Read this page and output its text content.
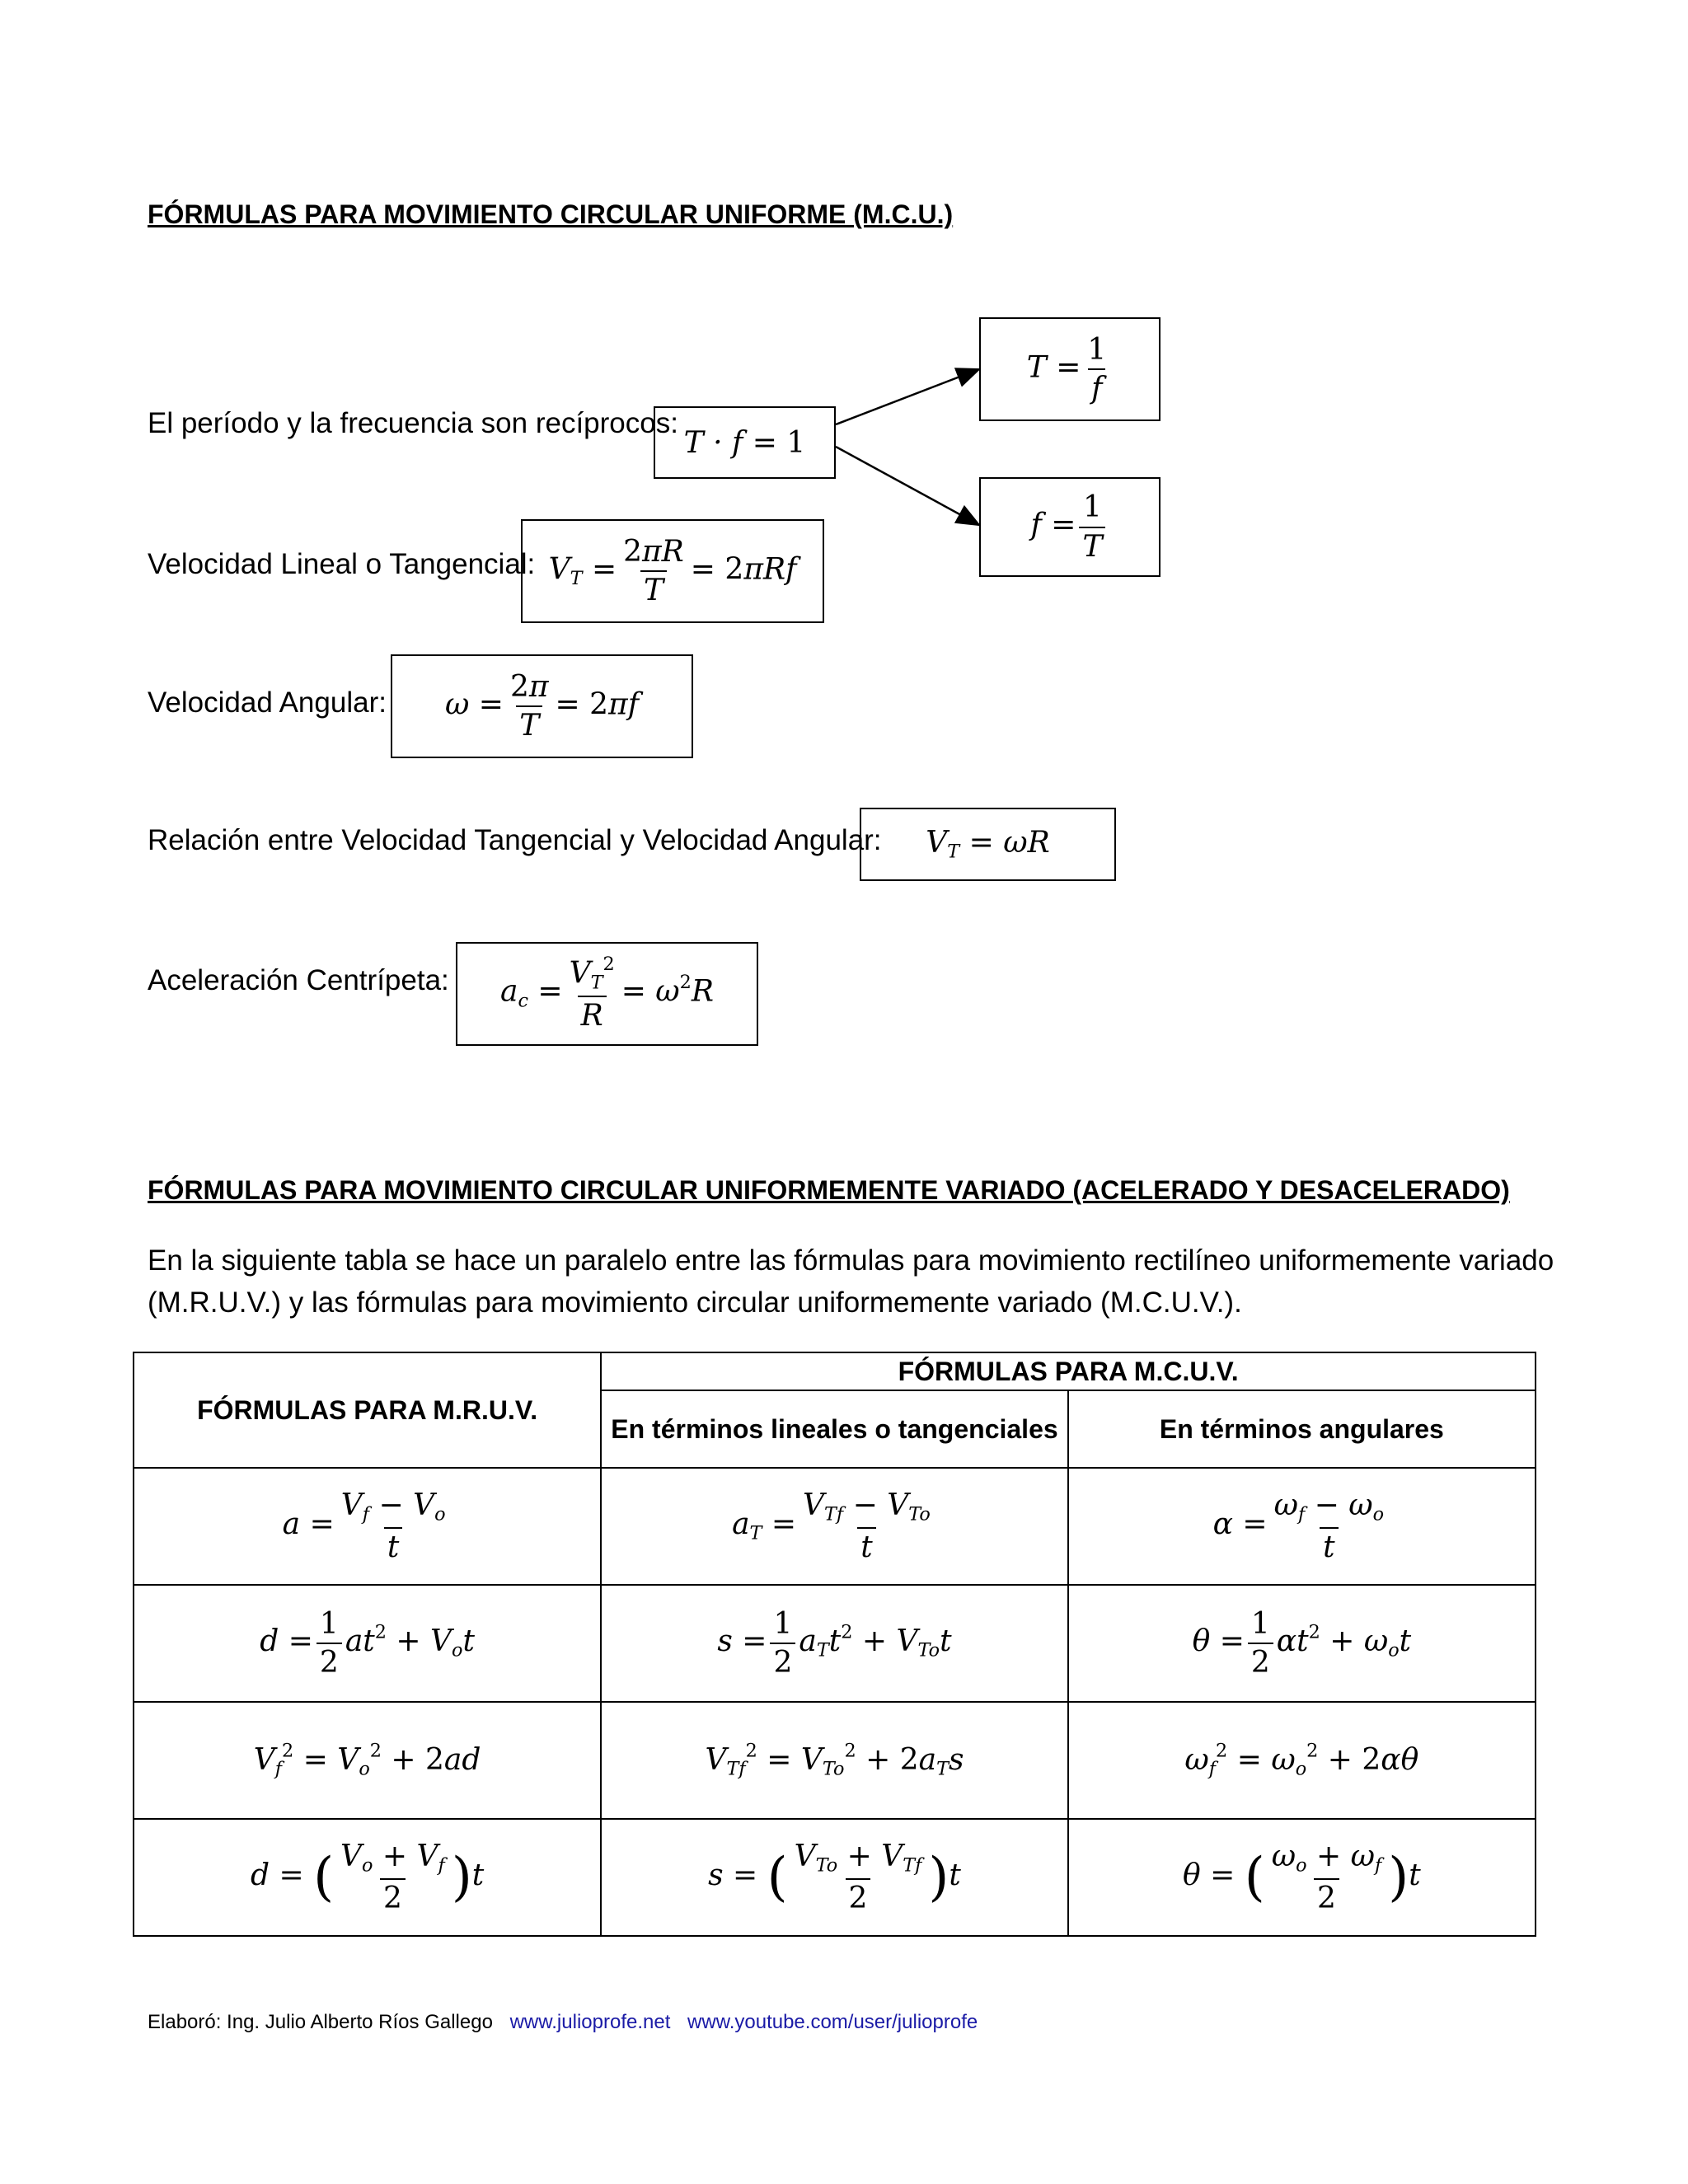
FÓRMULAS PARA MOVIMIENTO CIRCULAR UNIFORME (M.C.U.)
El período y la frecuencia son recíprocos:
T · f = 1
$T = \frac{1}{f}$
$f = \frac{1}{T}$
Velocidad Lineal o Tangencial: $V_T = \frac{2\pi R}{T} = 2\pi Rf$
Velocidad Angular: $\omega = \frac{2\pi}{T} = 2\pi f$
Relación entre Velocidad Tangencial y Velocidad Angular: $V_T = \omega R$
Aceleración Centrípeta: $a_c = \frac{V_T^2}{R} = \omega^2R$
FÓRMULAS PARA MOVIMIENTO CIRCULAR UNIFORMEMENTE VARIADO (ACELERADO Y DESACELERADO)
En la siguiente tabla se hace un paralelo entre las fórmulas para movimiento rectilíneo uniformemente variado
(M.R.U.V.) y las fórmulas para movimiento circular uniformemente variado (M.C.U.V.).
FÓRMULAS PARA M.R.U.V.	FÓRMULAS PARA M.C.U.V.	
	En términos lineales o tangenciales	En términos angulares
$a = \frac{V_f - V_o}{t}$	$a_T = \frac{V_{Tf} - V_{To}}{t}$	$\alpha = \frac{\omega_f - \omega_o}{t}$

$d = \frac{1}{2} at^2 + V_ot$	$s = \frac{1}{2} a_Tt^2 + V_{To}t$	$\theta = \frac{1}{2} \alpha t^2 + \omega_ot$
$V_f^2 = V_o^2 + 2ad$	$V_{Tf}^2 = V_{To}^2 + 2a_Ts$	$\omega_f^2 = \omega_o^2 + 2\alpha\theta$
d = ( $\frac{V_o + V_f}{2} )t$	s = ( $\frac{V_{To} + V_{Tf}}{2} )t$	θ = ( $\frac{\omega_o + \omega_f}{2} )t$
Elaboró: Ing. Julio Alberto Ríos Gallego www.julioprofe.net www.youtube.com/user/julioprofe
